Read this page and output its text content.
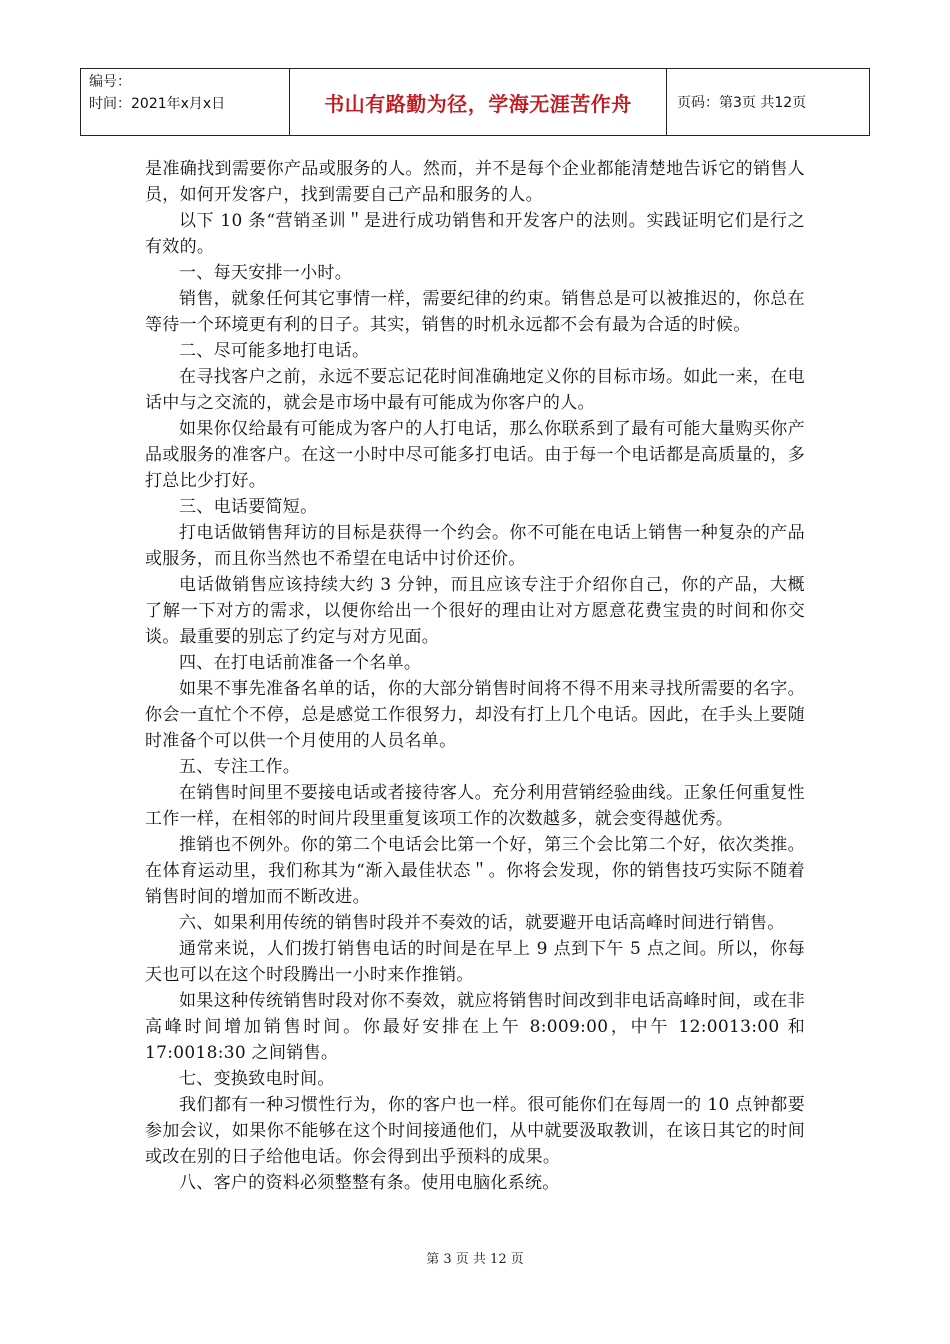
编号：
时间：2021年x月x日	书山有路勤为径，学海无涯苦作舟	页码：第3页 共12页

是准确找到需要你产品或服务的人。然而，并不是每个企业都能清楚地告诉它的销售人员，如何开发客户，找到需要自己产品和服务的人。

以下 10 条“营销圣训＂是进行成功销售和开发客户的法则。实践证明它们是行之有效的。

一、每天安排一小时。

销售，就象任何其它事情一样，需要纪律的约束。销售总是可以被推迟的，你总在等待一个环境更有利的日子。其实，销售的时机永远都不会有最为合适的时候。

二、尽可能多地打电话。

在寻找客户之前，永远不要忘记花时间准确地定义你的目标市场。如此一来，在电话中与之交流的，就会是市场中最有可能成为你客户的人。

如果你仅给最有可能成为客户的人打电话，那么你联系到了最有可能大量购买你产品或服务的准客户。在这一小时中尽可能多打电话。由于每一个电话都是高质量的，多打总比少打好。

三、电话要简短。

打电话做销售拜访的目标是获得一个约会。你不可能在电话上销售一种复杂的产品或服务，而且你当然也不希望在电话中讨价还价。

电话做销售应该持续大约 3 分钟，而且应该专注于介绍你自己，你的产品，大概了解一下对方的需求，以便你给出一个很好的理由让对方愿意花费宝贵的时间和你交谈。最重要的别忘了约定与对方见面。

四、在打电话前准备一个名单。

如果不事先准备名单的话，你的大部分销售时间将不得不用来寻找所需要的名字。你会一直忙个不停，总是感觉工作很努力，却没有打上几个电话。因此，在手头上要随时准备个可以供一个月使用的人员名单。

五、专注工作。

在销售时间里不要接电话或者接待客人。充分利用营销经验曲线。正象任何重复性工作一样，在相邻的时间片段里重复该项工作的次数越多，就会变得越优秀。

推销也不例外。你的第二个电话会比第一个好，第三个会比第二个好，依次类推。在体育运动里，我们称其为“渐入最佳状态＂。你将会发现，你的销售技巧实际不随着销售时间的增加而不断改进。

六、如果利用传统的销售时段并不奏效的话，就要避开电话高峰时间进行销售。

通常来说，人们拨打销售电话的时间是在早上 9 点到下午 5 点之间。所以，你每天也可以在这个时段腾出一小时来作推销。

如果这种传统销售时段对你不奏效，就应将销售时间改到非电话高峰时间，或在非高峰时间增加销售时间。你最好安排在上午 8:009:00，中午 12:0013:00 和 17:0018:30 之间销售。

七、变换致电时间。

我们都有一种习惯性行为，你的客户也一样。很可能你们在每周一的 10 点钟都要参加会议，如果你不能够在这个时间接通他们，从中就要汲取教训，在该日其它的时间或改在别的日子给他电话。你会得到出乎预料的成果。

八、客户的资料必须整整有条。使用电脑化系统。

第 3 页 共 12 页
